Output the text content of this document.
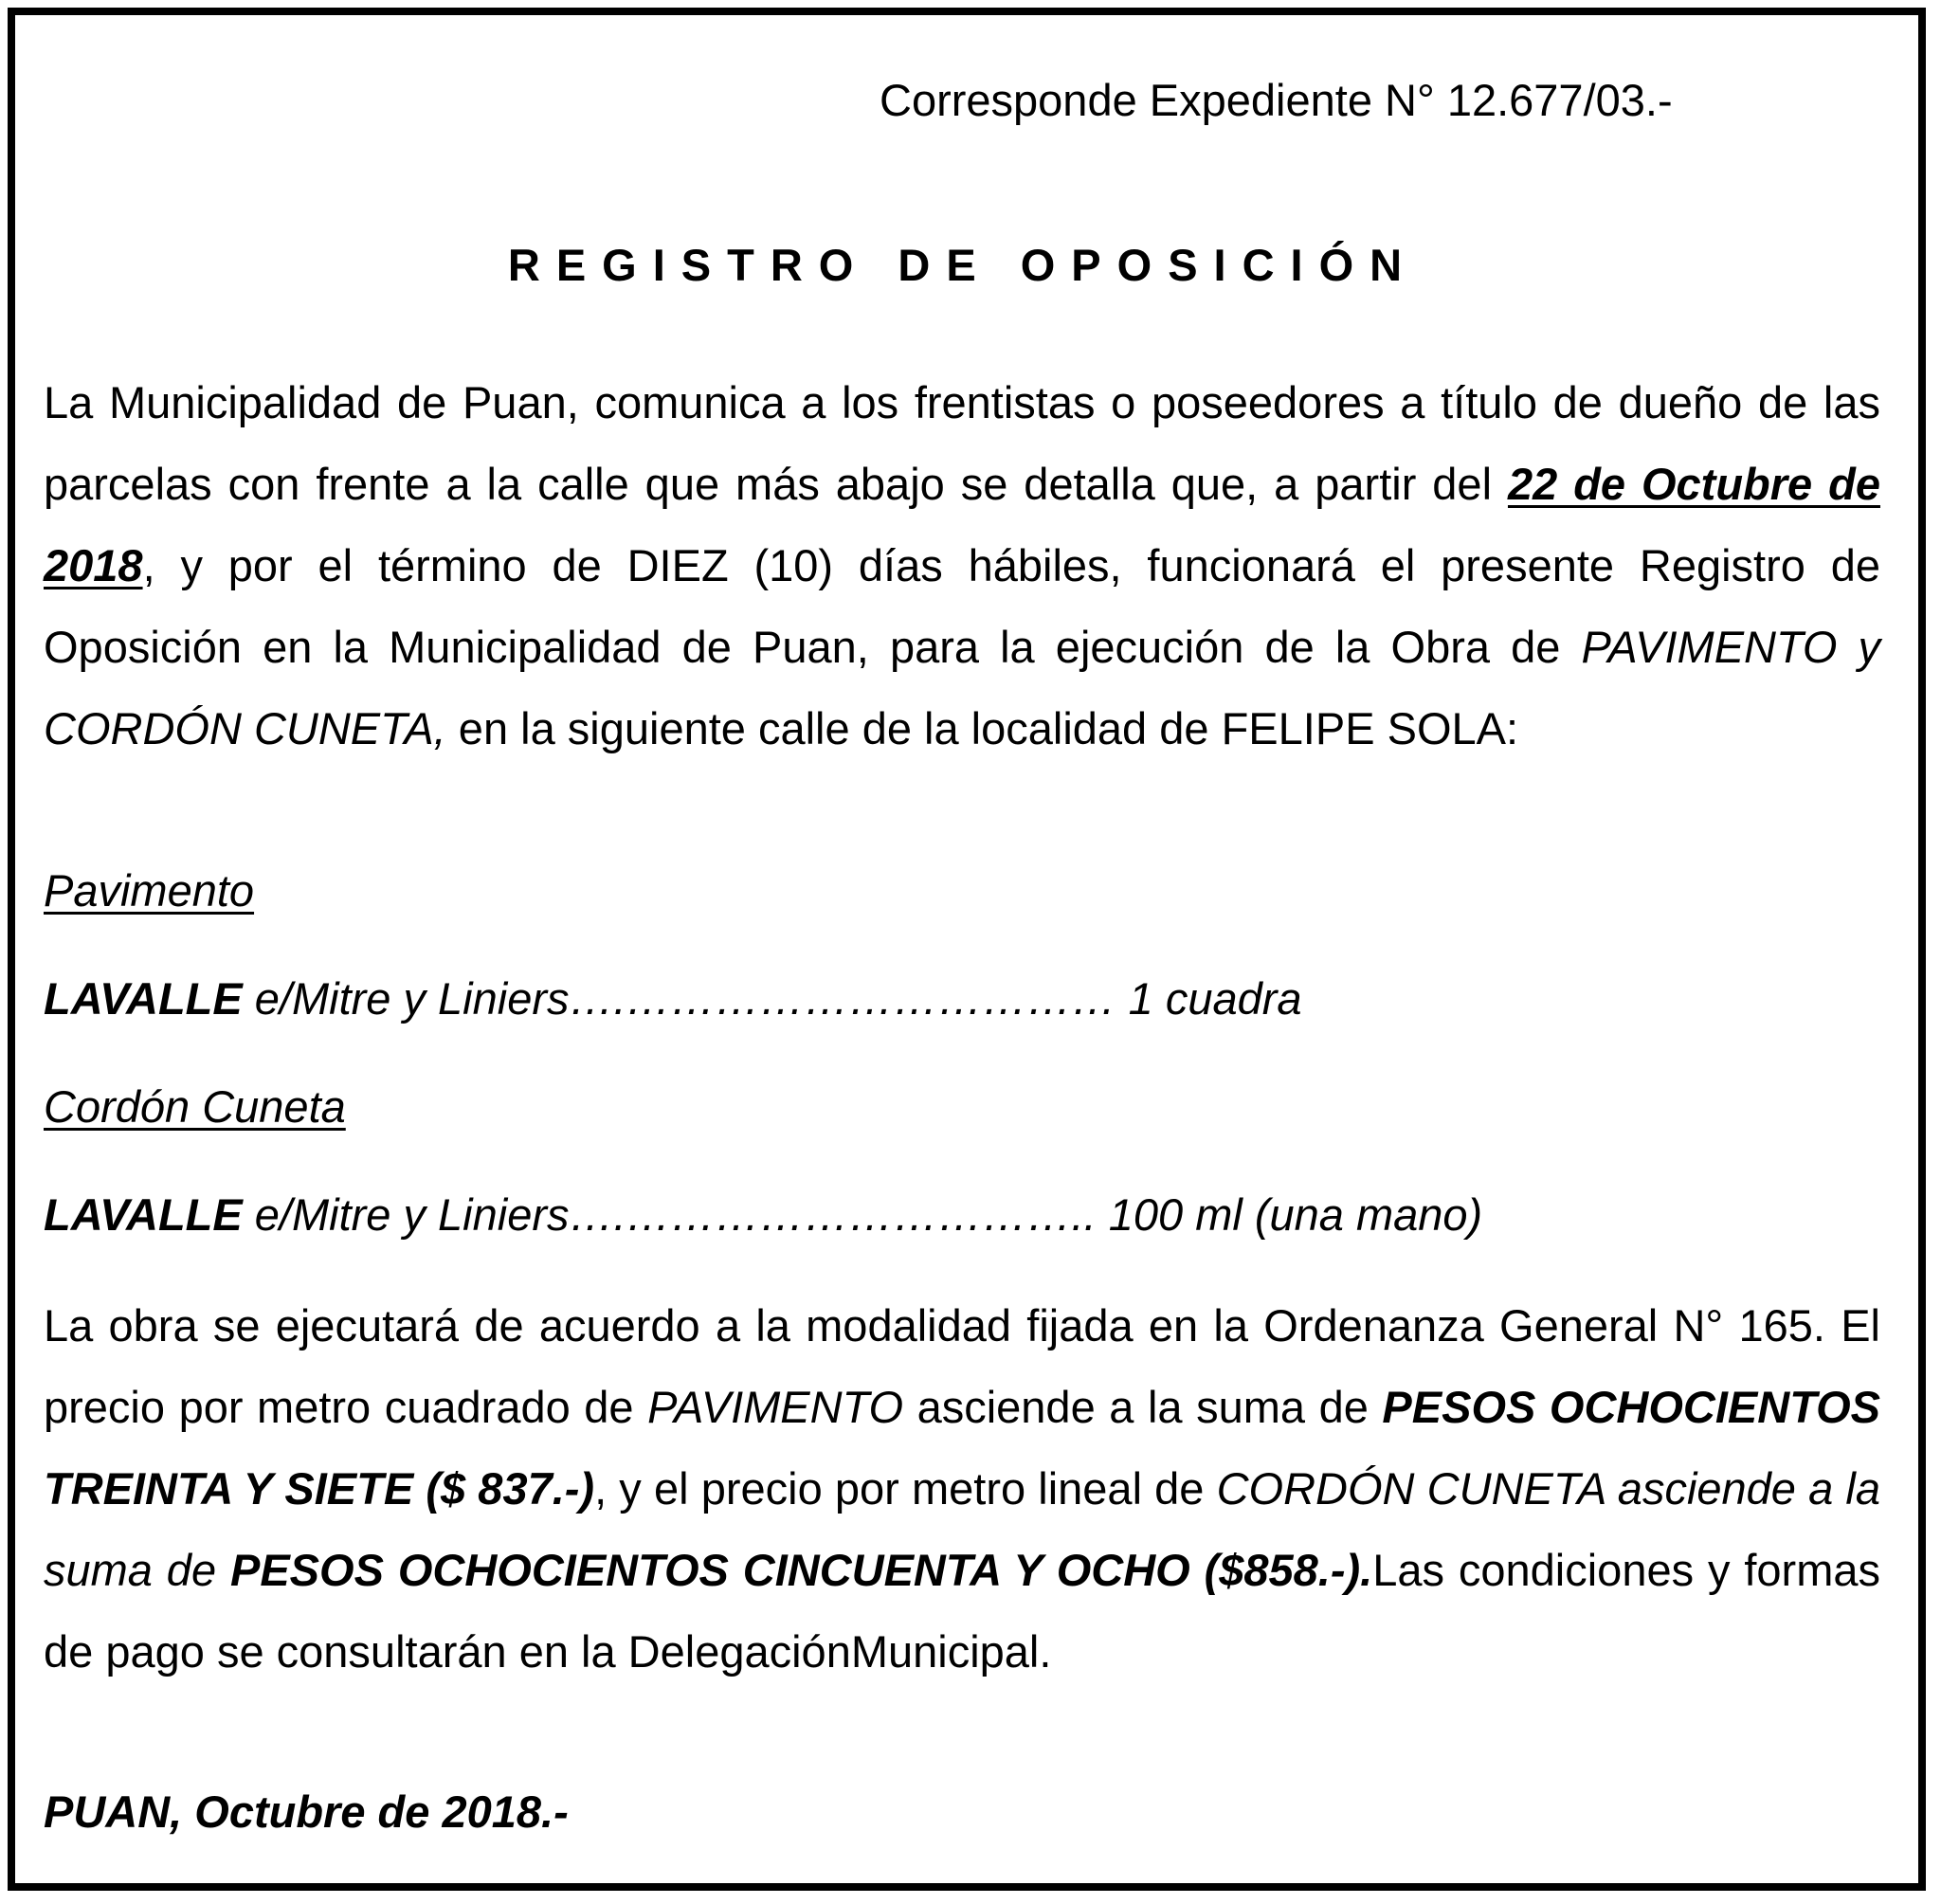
Corresponde Expediente N° 12.677/03.-
REGISTRO DE OPOSICIÓN
La Municipalidad de Puan, comunica a los frentistas o poseedores a título de dueño de las parcelas con frente a la calle que más abajo se detalla que, a partir del 22 de Octubre de 2018, y por el término de DIEZ (10) días hábiles, funcionará el presente Registro de Oposición en la Municipalidad de Puan, para la ejecución de la Obra de PAVIMENTO y CORDÓN CUNETA, en la siguiente calle de la localidad de FELIPE SOLA:
Pavimento
LAVALLE e/Mitre y Liniers….…………………………… 1 cuadra
Cordón Cuneta
LAVALLE e/Mitre y Liniers….………………………….. 100 ml (una mano)
La obra se ejecutará de acuerdo a la modalidad fijada en la Ordenanza General N° 165. El precio por metro cuadrado de PAVIMENTO asciende a la suma de PESOS OCHOCIENTOS TREINTA Y SIETE ($ 837.-), y el precio por metro lineal de CORDÓN CUNETA asciende a la suma de PESOS OCHOCIENTOS CINCUENTA Y OCHO ($858.-).Las condiciones y formas de pago se consultarán en la DelegaciónMunicipal.
PUAN, Octubre de 2018.-
